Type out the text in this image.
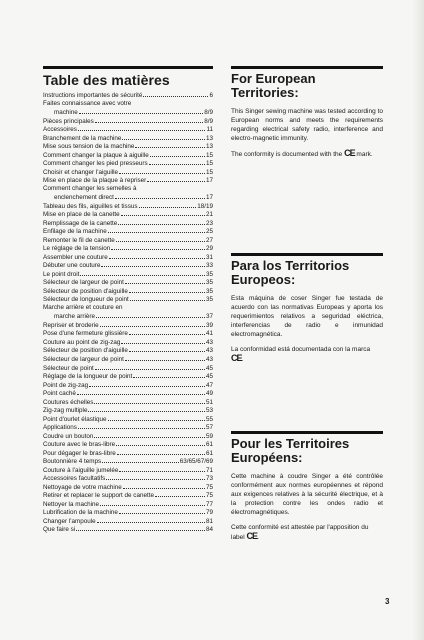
Table des matières
Instructions importantes de sécurité	6
Faites connaissance avec votre
machine	8/9
Pièces principales	8/9
Accessoires	11
Branchement de la machine	13
Mise sous tension de la machine	13
Comment changer la plaque à aiguille	15
Comment changer les pied presseurs	15
Choisir et changer l'aiguille	15
Mise en place de la plaque à repriser	17
Comment changer les semelles à
enclenchement direct	17
Tableau des fils, aiguilles et tissus	18/19
Mise en place de la canette	21
Remplissage de la canette	23
Enfilage de la machine	25
Remonter le fil de canette	27
Le réglage de la tension	29
Assembler une couture	31
Débuter une couture	33
Le point droit	35
Sélecteur de largeur de point	35
Sélecteur de position d'aiguille	35
Sélecteur de longueur de point	35
Marche arrière et couture en
marche arrière	37
Repriser et broderie	39
Pose d'une fermeture glissière	41
Couture au point de zig-zag	43
Sélecteur de position d'aiguille	43
Sélecteur de largeur de point	43
Sélecteur de point	45
Réglage de la longueur de point	45
Point de zig-zag	47
Point caché	49
Coutures échelles	51
Zig-zag multiple	53
Point d'ourlet élastique	55
Applications	57
Coudre un bouton	59
Couture avec le bras-libre	61
Pour dégager le bras-libre	61
Boutonnière 4 temps	63/65/67/69
Couture à l'aiguille jumelée	71
Accessoires facultatifs	73
Nettoyage de votre machine	75
Retirer et replacer le support de canette	75
Nettoyer la machine	77
Lubrification de la machine	79
Changer l'ampoule	81
Que faire si	84
For European
Territories:

This Singer sewing machine was tested according to European norms and meets the requirements regarding electrical safety radio, interference and electro-magnetic immunity.

The conformity is documented with the CE mark.

Para los Territorios
Europeos:

Esta máquina de coser Singer fue testada de acuerdo con las normativas Europeas y aporta los requerimientos relativos a seguridad eléctrica, interferencias de radio e inmunidad electromagnética.

La conformidad está documentada con la marca CE.

Pour les Territoires
Européens:

Cette machine à coudre Singer a été contrôlée conformément aux normes européennes et répond aux exigences relatives à la sécurité électrique, et à la protection contre les ondes radio et électromagnétiques.

Cette conformité est attestée par l'apposition du label CE.

3
